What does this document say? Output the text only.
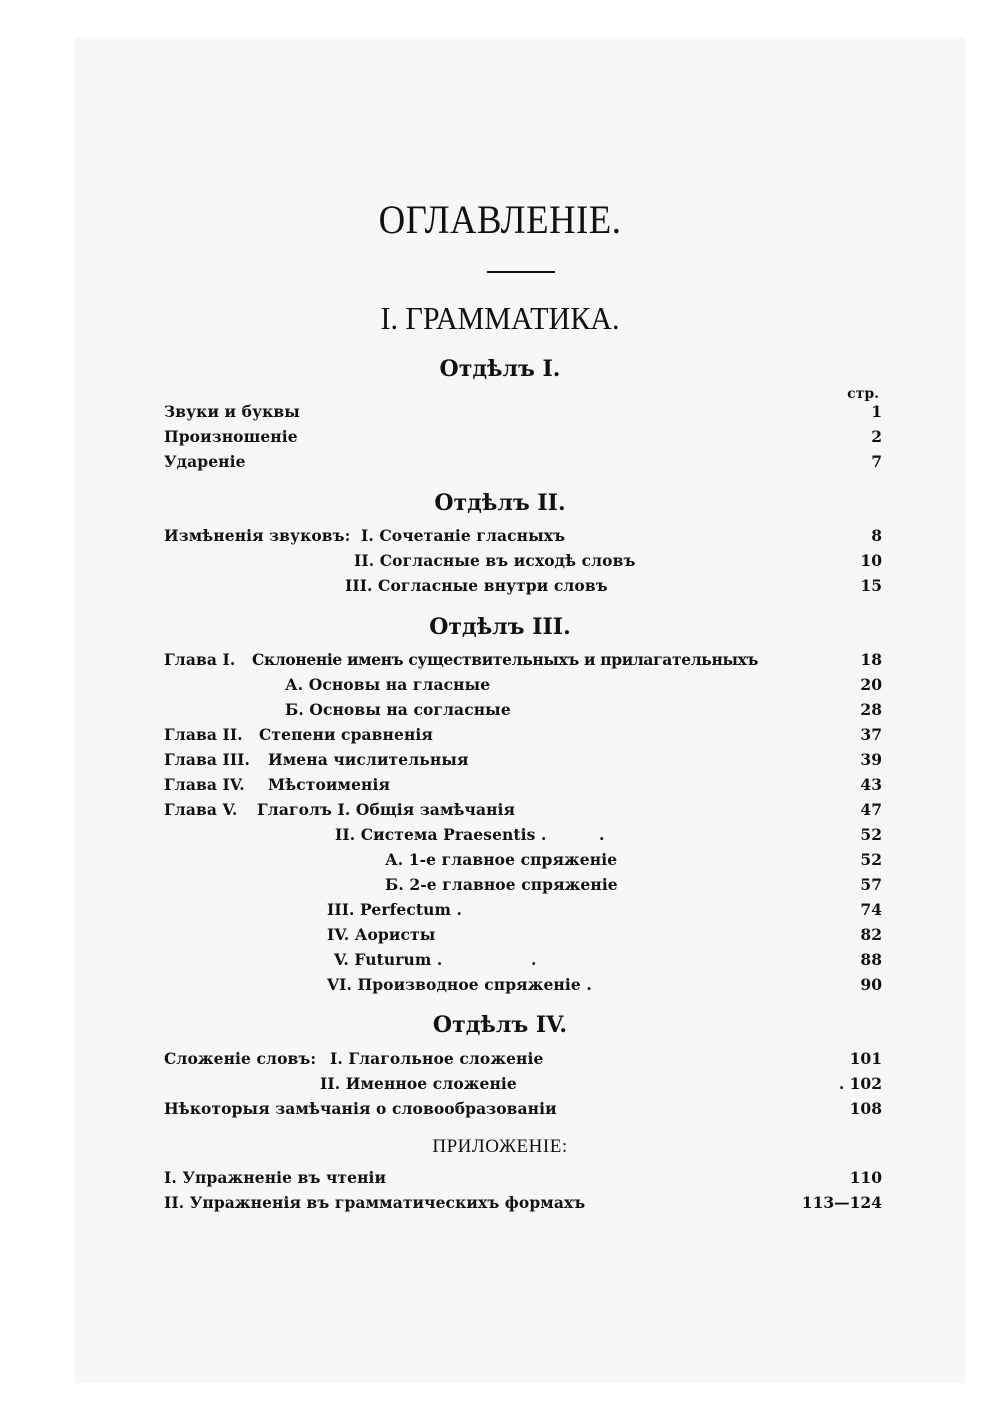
ОГЛАВЛЕНІЕ.
I. ГРАММАТИКА.
Отдѣлъ I.
стр.
Звуки и буквы	1
Произношеніе	2
Удареніе	7
Отдѣлъ II.
Измѣненія звуковъ: I. Сочетаніе гласныхъ	8
II. Согласные въ исходѣ словъ	10
III. Согласные внутри словъ	15
Отдѣлъ III.
Глава I. Склоненіе именъ существительныхъ и прилагательныхъ	18
А. Основы на гласные	20
Б. Основы на согласные	28
Глава II. Степени сравненія	37
Глава III. Имена числительныя	39
Глава IV. Мѣстоименія	43
Глава V. Глаголъ I. Общія замѣчанія	47
II. Система Praesentis .	.	52
А. 1-е главное спряженіе	52
Б. 2-е главное спряженіе	57
III. Perfectum .	74
IV. Аористы	82
V. Futurum .	.	88
VI. Производное спряженіе .	90
Отдѣлъ IV.
Сложеніе словъ: I. Глагольное сложеніе	101
II. Именное сложеніе	. 102
Нѣкоторыя замѣчанія о словообразованіи	108
ПРИЛОЖЕНІЕ:
I. Упражненіе въ чтеніи	110
II. Упражненія въ грамматическихъ формахъ	113—124
